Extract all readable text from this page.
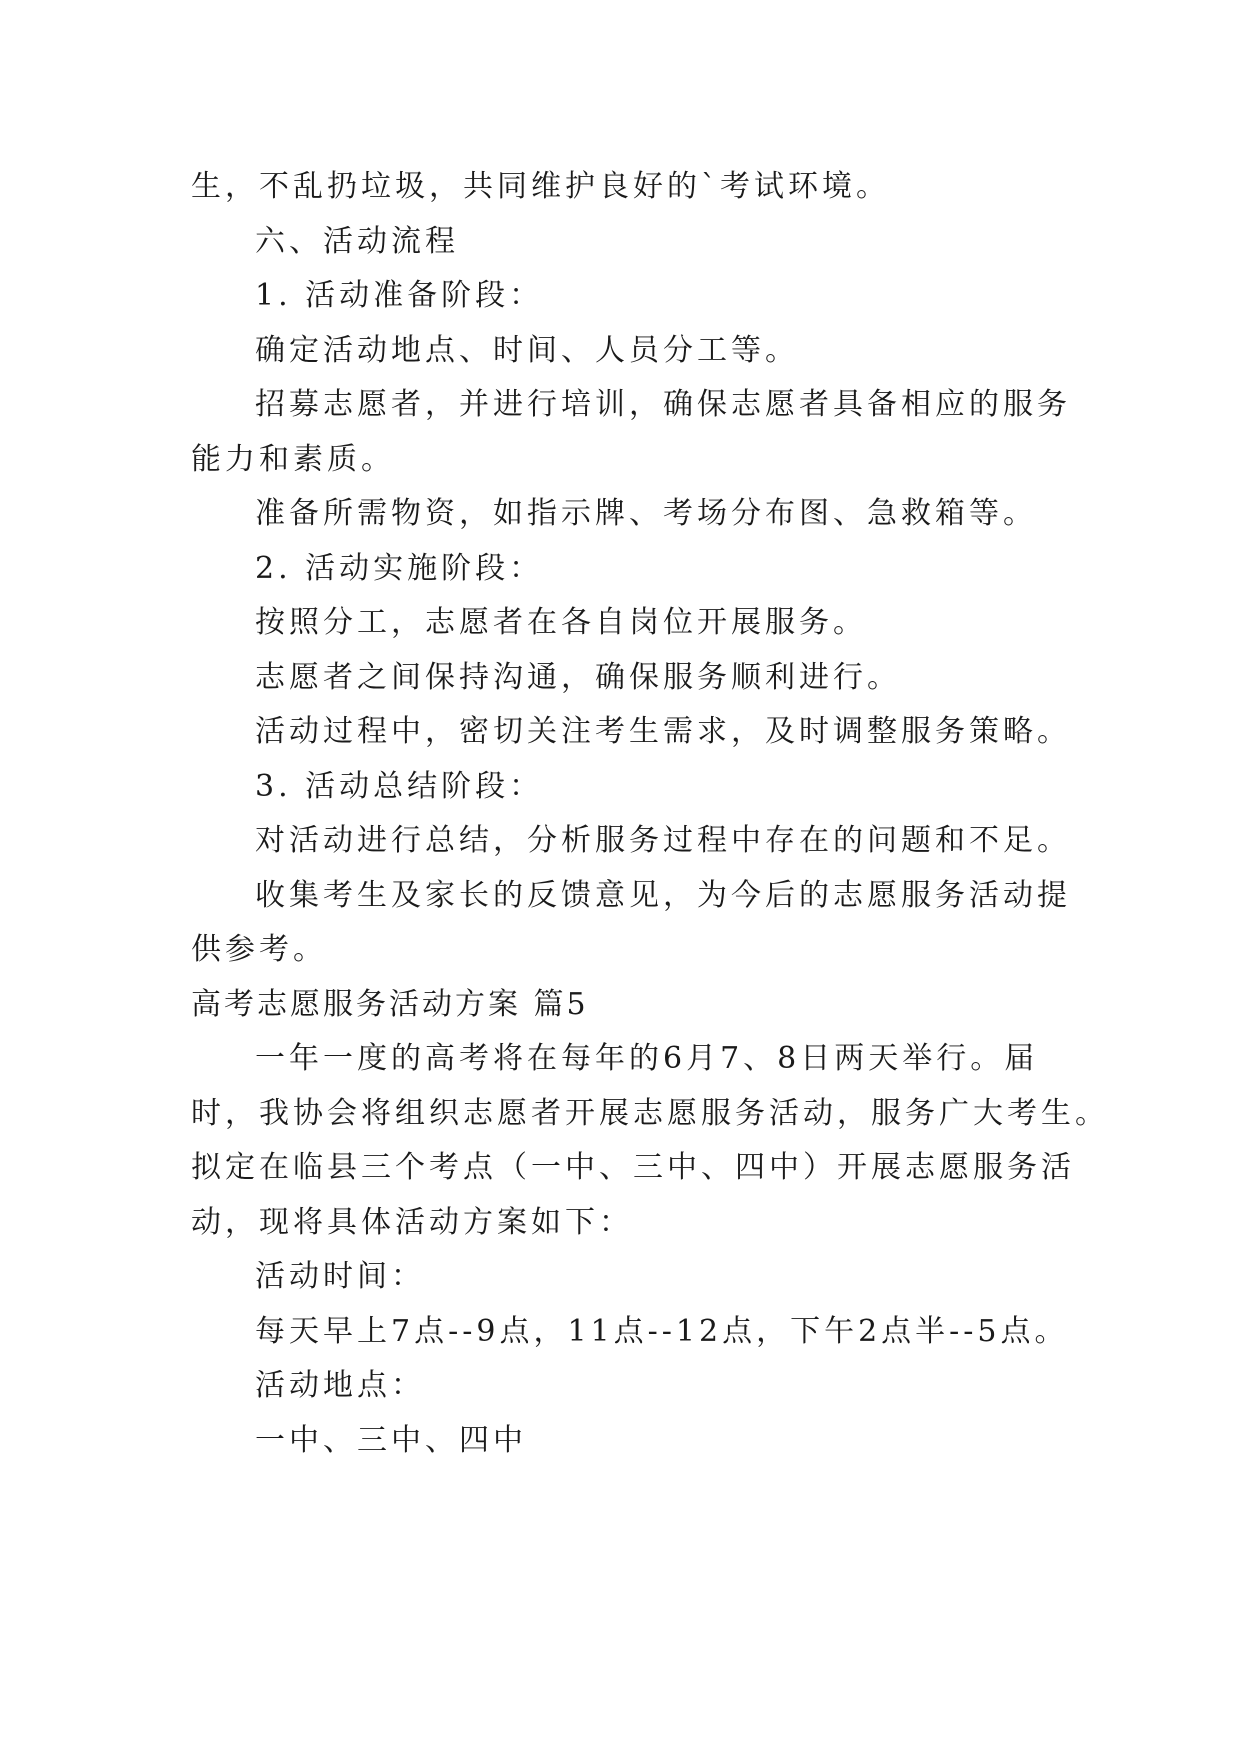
生，不乱扔垃圾，共同维护良好的`考试环境。
六、活动流程
1. 活动准备阶段：
确定活动地点、时间、人员分工等。
招募志愿者，并进行培训，确保志愿者具备相应的服务
能力和素质。
准备所需物资，如指示牌、考场分布图、急救箱等。
2. 活动实施阶段：
按照分工，志愿者在各自岗位开展服务。
志愿者之间保持沟通，确保服务顺利进行。
活动过程中，密切关注考生需求，及时调整服务策略。
3. 活动总结阶段：
对活动进行总结，分析服务过程中存在的问题和不足。
收集考生及家长的反馈意见，为今后的志愿服务活动提
供参考。
高考志愿服务活动方案 篇5
一年一度的高考将在每年的6月7、8日两天举行。届
时，我协会将组织志愿者开展志愿服务活动，服务广大考生。
拟定在临县三个考点（一中、三中、四中）开展志愿服务活
动，现将具体活动方案如下：
活动时间：
每天早上7点--9点，11点--12点，下午2点半--5点。
活动地点：
一中、三中、四中
